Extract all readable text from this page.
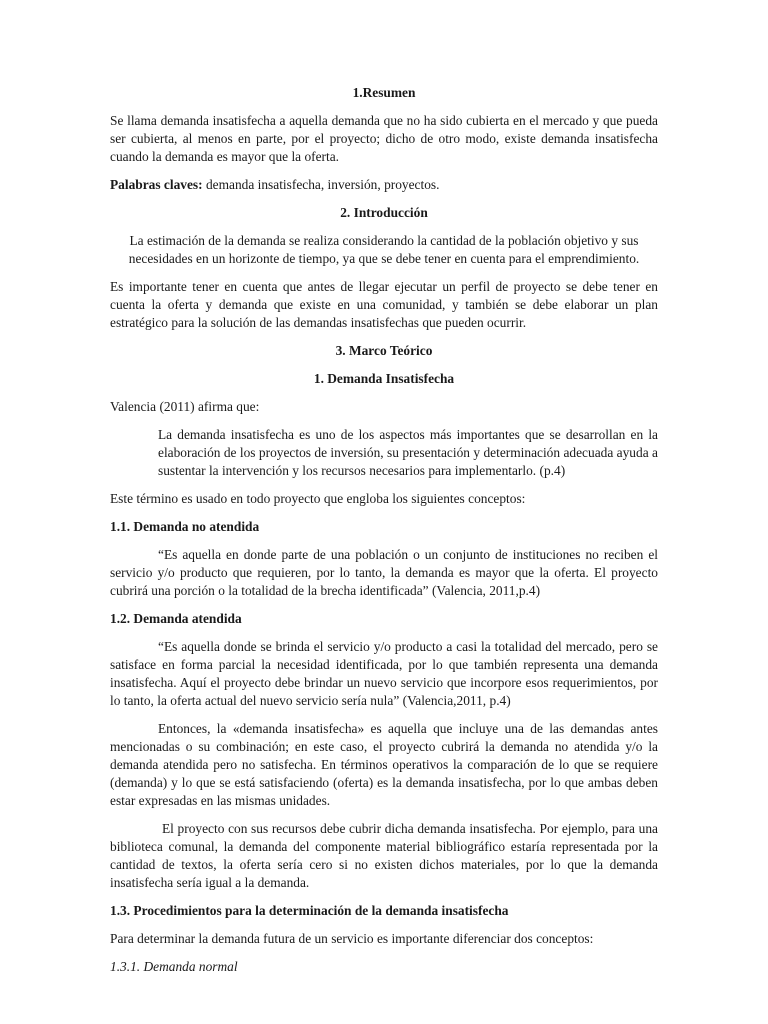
1.Resumen

Se llama demanda insatisfecha a aquella demanda que no ha sido cubierta en el mercado y que pueda ser cubierta, al menos en parte, por el proyecto; dicho de otro modo, existe demanda insatisfecha cuando la demanda es mayor que la oferta.

Palabras claves: demanda insatisfecha, inversión, proyectos.

2. Introducción

La estimación de la demanda se realiza considerando la cantidad de la población objetivo y sus necesidades en un horizonte de tiempo, ya que se debe tener en cuenta para el emprendimiento.

Es importante tener en cuenta que antes de llegar ejecutar un perfil de proyecto se debe tener en cuenta la oferta y demanda que existe en una comunidad, y también se debe elaborar un plan estratégico para la solución de las demandas insatisfechas que pueden ocurrir.

3. Marco Teórico
1. Demanda Insatisfecha

Valencia (2011) afirma que:

La demanda insatisfecha es uno de los aspectos más importantes que se desarrollan en la elaboración de los proyectos de inversión, su presentación y determinación adecuada ayuda a sustentar la intervención y los recursos necesarios para implementarlo. (p.4)

Este término es usado en todo proyecto que engloba los siguientes conceptos:

1.1. Demanda no atendida

“Es aquella en donde parte de una población o un conjunto de instituciones no reciben el servicio y/o producto que requieren, por lo tanto, la demanda es mayor que la oferta. El proyecto cubrirá una porción o la totalidad de la brecha identificada” (Valencia, 2011,p.4)

1.2. Demanda atendida

“Es aquella donde se brinda el servicio y/o producto a casi la totalidad del mercado, pero se satisface en forma parcial la necesidad identificada, por lo que también representa una demanda insatisfecha. Aquí el proyecto debe brindar un nuevo servicio que incorpore esos requerimientos, por lo tanto, la oferta actual del nuevo servicio sería nula” (Valencia,2011, p.4)

Entonces, la «demanda insatisfecha» es aquella que incluye una de las demandas antes mencionadas o su combinación; en este caso, el proyecto cubrirá la demanda no atendida y/o la demanda atendida pero no satisfecha. En términos operativos la comparación de lo que se requiere (demanda) y lo que se está satisfaciendo (oferta) es la demanda insatisfecha, por lo que ambas deben estar expresadas en las mismas unidades.

El proyecto con sus recursos debe cubrir dicha demanda insatisfecha. Por ejemplo, para una biblioteca comunal, la demanda del componente material bibliográfico estaría representada por la cantidad de textos, la oferta sería cero si no existen dichos materiales, por lo que la demanda insatisfecha sería igual a la demanda.

1.3. Procedimientos para la determinación de la demanda insatisfecha

Para determinar la demanda futura de un servicio es importante diferenciar dos conceptos:

1.3.1. Demanda normal
